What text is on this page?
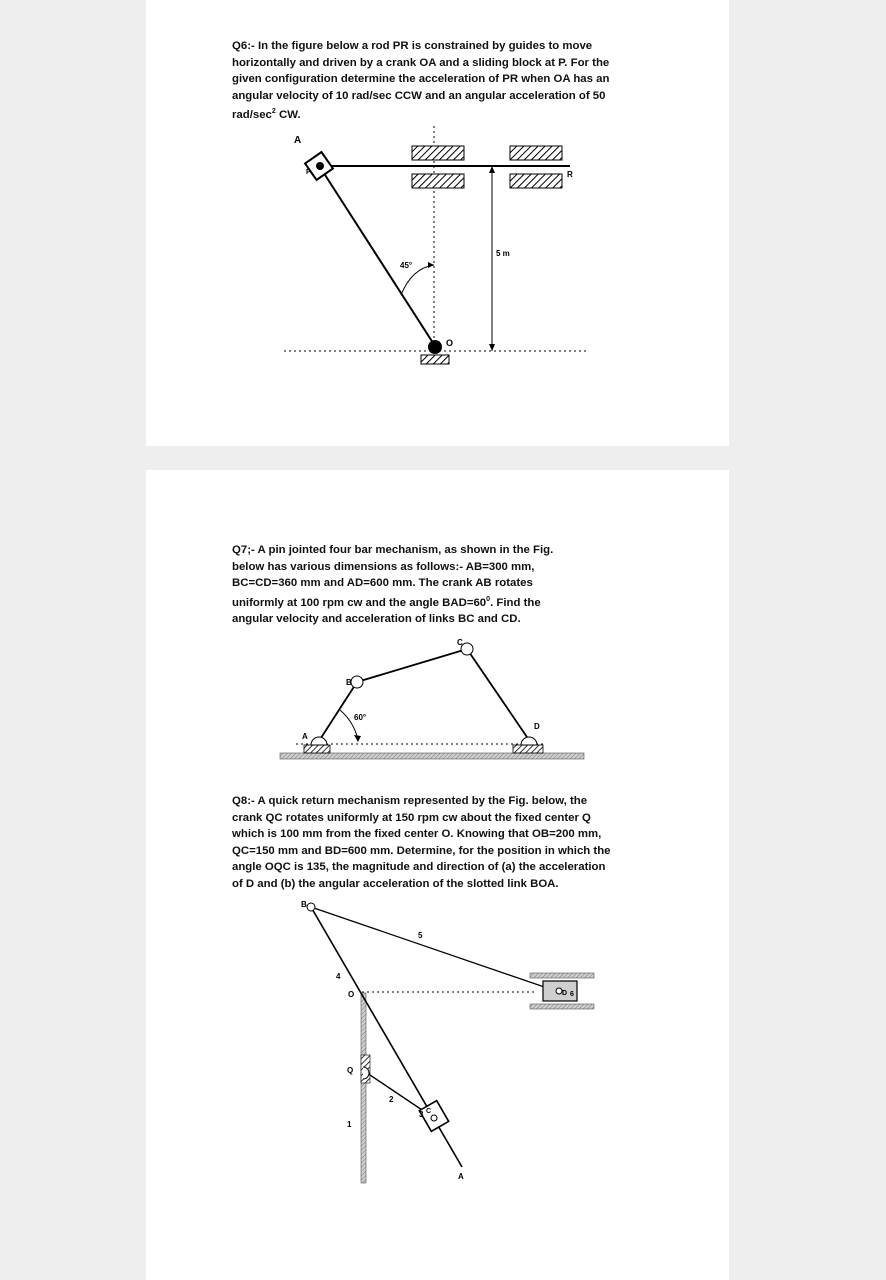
Q6:- In the figure below a rod PR is constrained by guides to move
horizontally and driven by a crank OA and a sliding block at P. For the
given configuration determine the acceleration of PR when OA has an
angular velocity of 10 rad/sec CCW and an angular acceleration of 50
rad/$\sec^2$ CW.
A
P	R
O
45°
5 m
Q7;- A pin jointed four bar mechanism, as shown in the Fig.
below has various dimensions as follows:- AB=300 mm,
BC=CD=360 mm and AD=600 mm. The crank AB rotates
uniformly at 100 rpm cw and the angle $BAD=60^0$. Find the
angular velocity and acceleration of links BC and CD.
Q8:- A quick return mechanism represented by the Fig. below, the
crank QC rotates uniformly at 150 rpm cw about the fixed center Q
which is 100 mm from the fixed center O. Knowing that OB=200 mm,
QC=150 mm and BD=600 mm. Determine, for the position in which the
angle OQC is 135, the magnitude and direction of (a) the acceleration
of D and (b) the angular acceleration of the slotted link BOA.
A
B
C
D
60°
B
O
Q
C
A
D
1
2
3
4
5
6
